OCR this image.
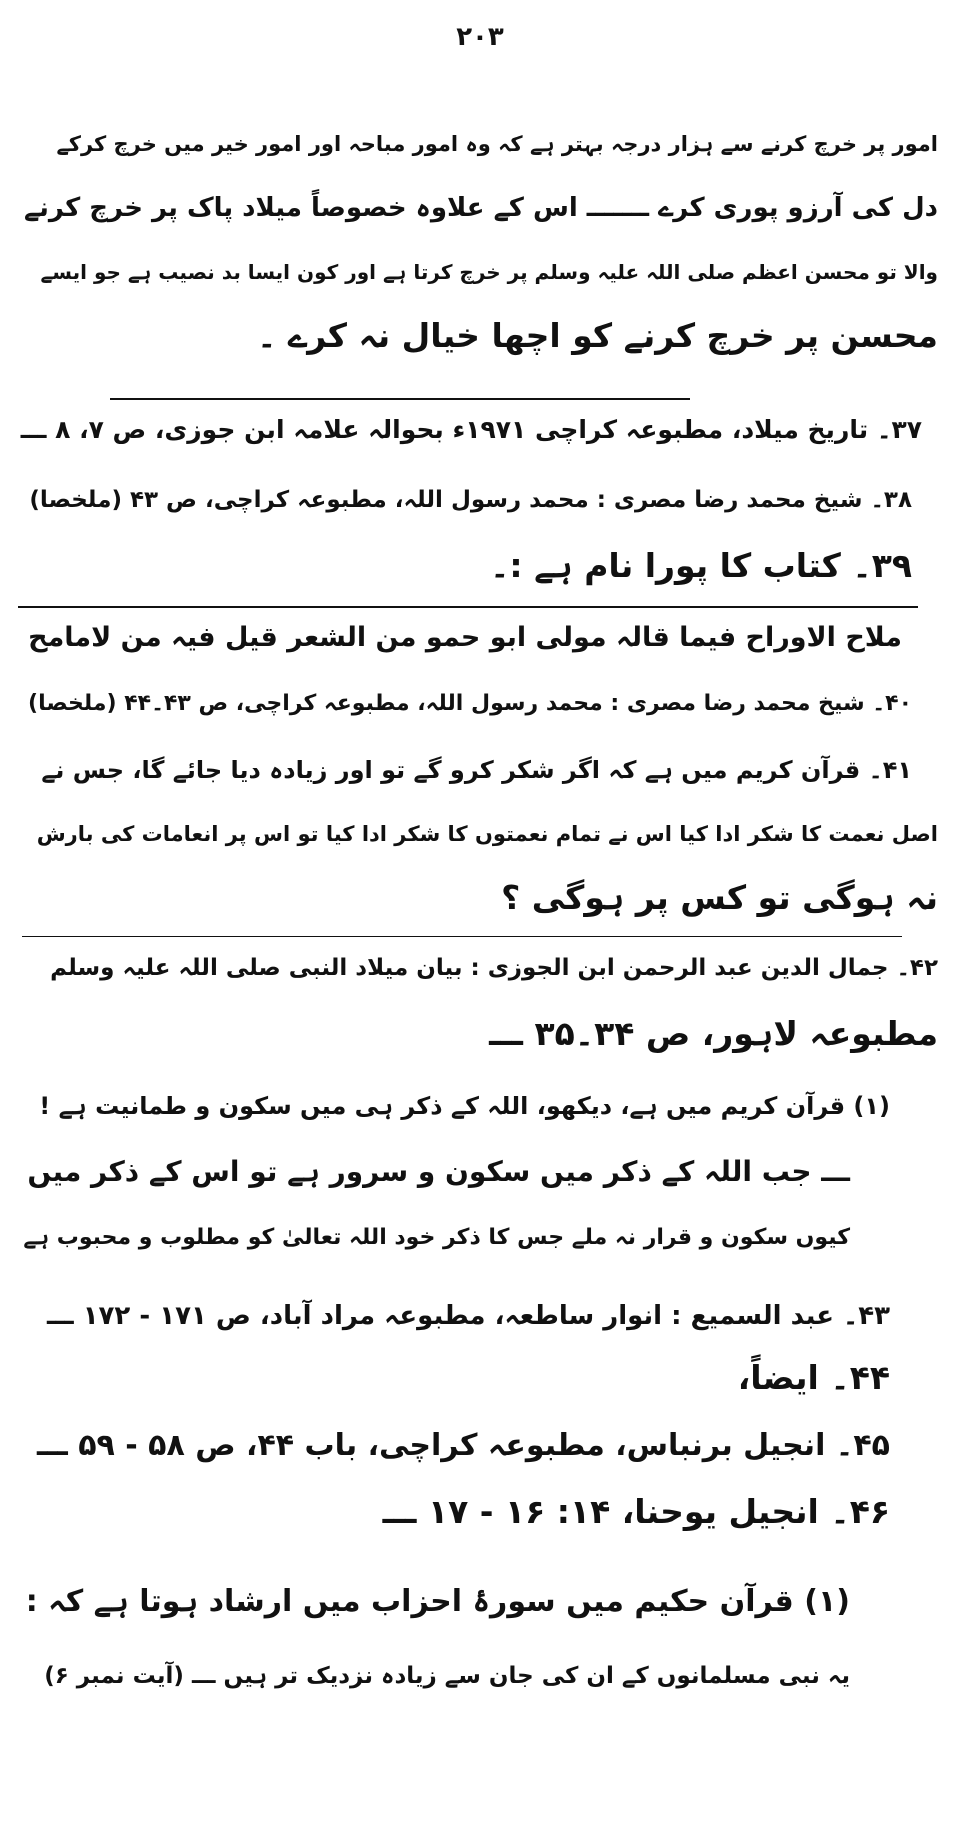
۲۰۳
امور پر خرچ کرنے سے ہزار درجہ بہتر ہے کہ وہ امور مباحہ اور امور خیر میں خرچ کرکے
دل کی آرزو پوری کرے ـــــــ اس کے علاوہ خصوصاً میلاد پاک پر خرچ کرنے
والا تو محسن اعظم صلی اللہ علیہ وسلم پر خرچ کرتا ہے اور کون ایسا بد نصیب ہے جو ایسے
محسن پر خرچ کرنے کو اچھا خیال نہ کرے ۔
۳۷۔ تاریخ میلاد، مطبوعہ کراچی ۱۹۷۱ء بحوالہ علامہ ابن جوزی، ص ۷، ۸ ـــ
۳۸۔ شیخ محمد رضا مصری : محمد رسول اللہ، مطبوعہ کراچی، ص ۴۳ (ملخصا)
۳۹۔ کتاب کا پورا نام ہے :۔
ملاح الاوراح فیما قالہ مولی ابو حمو من الشعر قیل فیہ من لامامح
۴۰۔ شیخ محمد رضا مصری : محمد رسول اللہ، مطبوعہ کراچی، ص ۴۳۔۴۴ (ملخصا)
۴۱۔ قرآن کریم میں ہے کہ اگر شکر کرو گے تو اور زیادہ دیا جائے گا، جس نے
اصل نعمت کا شکر ادا کیا اس نے تمام نعمتوں کا شکر ادا کیا تو اس پر انعامات کی بارش
نہ ہوگی تو کس پر ہوگی ؟
۴۲۔ جمال الدین عبد الرحمن ابن الجوزی : بیان میلاد النبی صلی اللہ علیہ وسلم
مطبوعہ لاہور، ص ۳۴۔۳۵ ـــ
(۱) قرآن کریم میں ہے، دیکھو، اللہ کے ذکر ہی میں سکون و طمانیت ہے !
ـــ جب اللہ کے ذکر میں سکون و سرور ہے تو اس کے ذکر میں
کیوں سکون و قرار نہ ملے جس کا ذکر خود اللہ تعالیٰ کو مطلوب و محبوب ہے
۴۳۔ عبد السمیع : انوار ساطعہ، مطبوعہ مراد آباد، ص ۱۷۱ - ۱۷۲ ـــ
۴۴۔ ایضاً،
۴۵۔ انجیل برنباس، مطبوعہ کراچی، باب ۴۴، ص ۵۸ - ۵۹ ـــ
۴۶۔ انجیل یوحنا، ۱۴: ۱۶ - ۱۷ ـــ
(۱) قرآن حکیم میں سورۂ احزاب میں ارشاد ہوتا ہے کہ :
یہ نبی مسلمانوں کے ان کی جان سے زیادہ نزدیک تر ہیں ـــ (آیت نمبر ۶)
